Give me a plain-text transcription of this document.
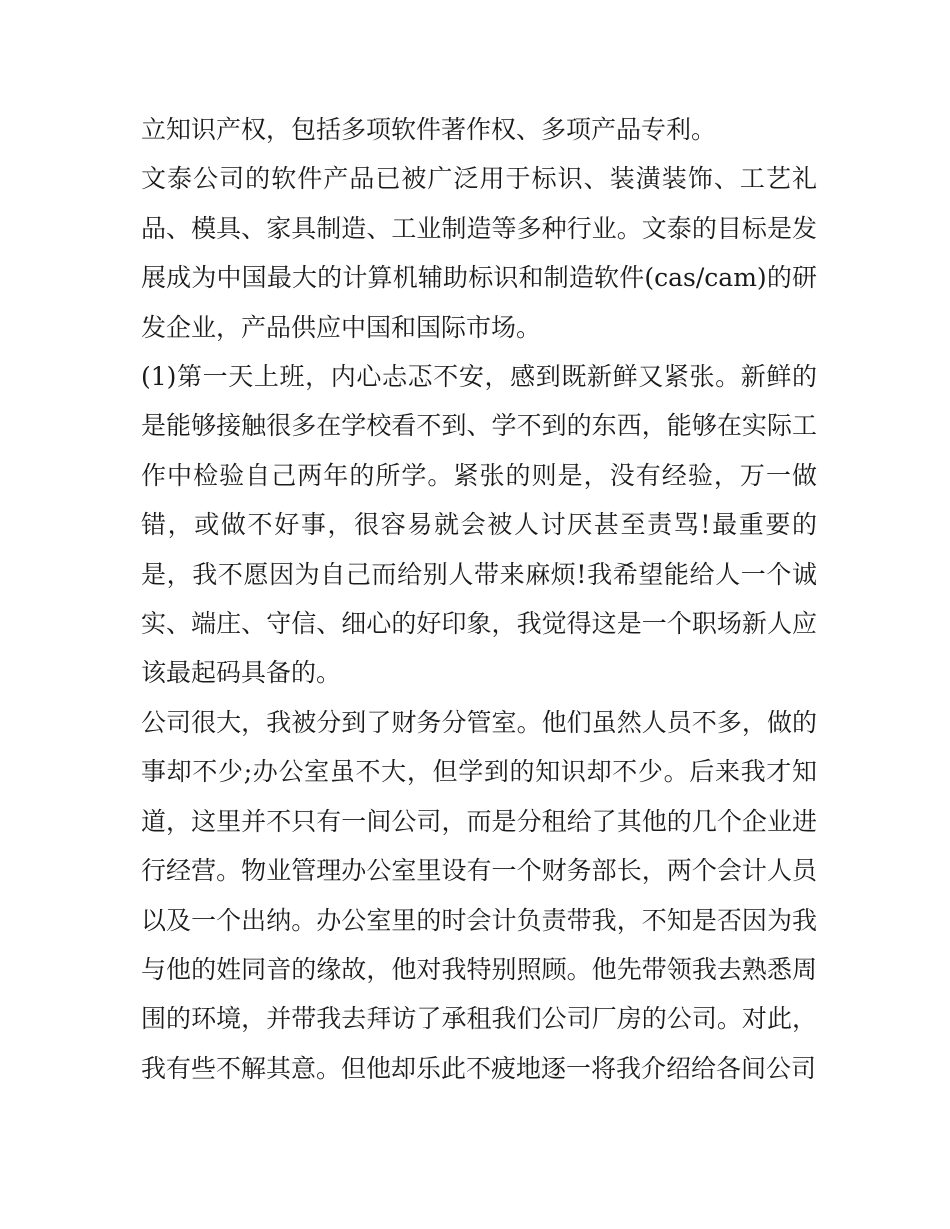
立知识产权，包括多项软件著作权、多项产品专利。

文泰公司的软件产品已被广泛用于标识、装潢装饰、工艺礼品、模具、家具制造、工业制造等多种行业。文泰的目标是发展成为中国最大的计算机辅助标识和制造软件(cas/cam)的研发企业，产品供应中国和国际市场。

(1)第一天上班，内心忐忑不安，感到既新鲜又紧张。新鲜的是能够接触很多在学校看不到、学不到的东西，能够在实际工作中检验自己两年的所学。紧张的则是，没有经验，万一做错，或做不好事，很容易就会被人讨厌甚至责骂!最重要的是，我不愿因为自己而给别人带来麻烦!我希望能给人一个诚实、端庄、守信、细心的好印象，我觉得这是一个职场新人应该最起码具备的。

公司很大，我被分到了财务分管室。他们虽然人员不多，做的事却不少;办公室虽不大，但学到的知识却不少。后来我才知道，这里并不只有一间公司，而是分租给了其他的几个企业进行经营。物业管理办公室里设有一个财务部长，两个会计人员以及一个出纳。办公室里的时会计负责带我，不知是否因为我与他的姓同音的缘故，他对我特别照顾。他先带领我去熟悉周围的环境，并带我去拜访了承租我们公司厂房的公司。对此，我有些不解其意。但他却乐此不疲地逐一将我介绍给各间公司
